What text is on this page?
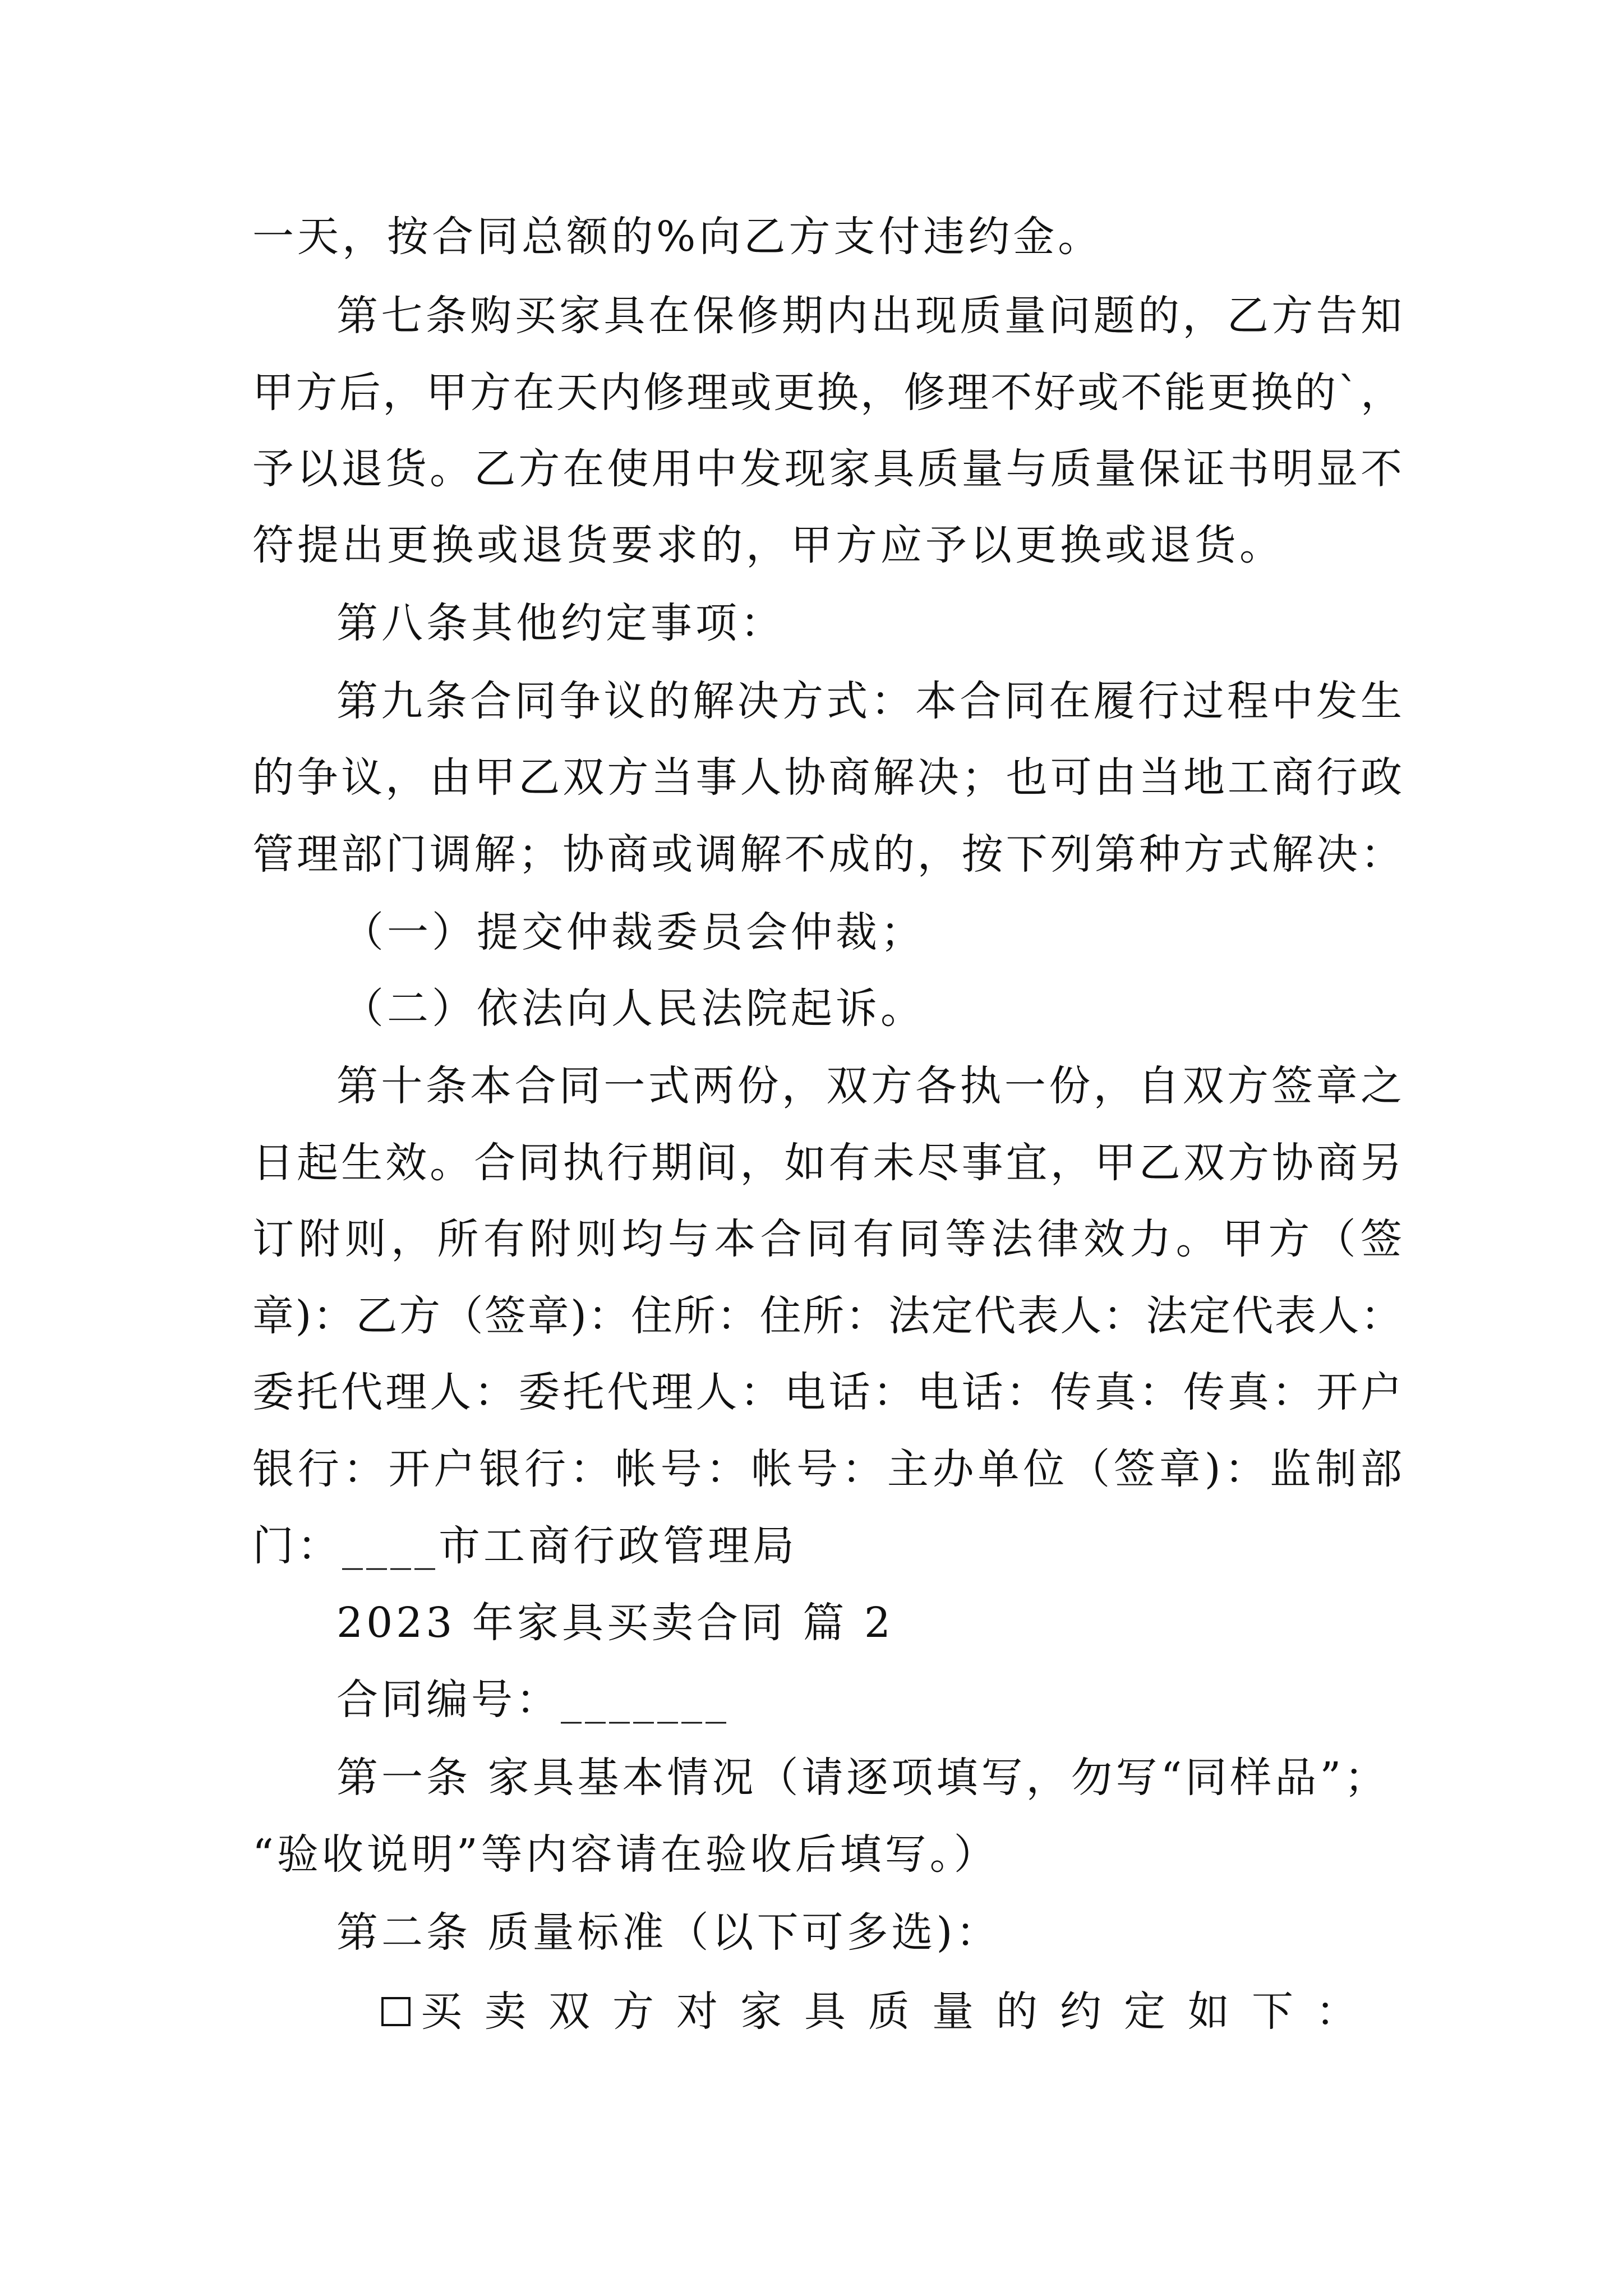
一天，按合同总额的%向乙方支付违约金。
第七条购买家具在保修期内出现质量问题的，乙方告知
甲方后，甲方在天内修理或更换，修理不好或不能更换的`，
予以退货。乙方在使用中发现家具质量与质量保证书明显不
符提出更换或退货要求的，甲方应予以更换或退货。
第八条其他约定事项：
第九条合同争议的解决方式：本合同在履行过程中发生
的争议，由甲乙双方当事人协商解决；也可由当地工商行政
管理部门调解；协商或调解不成的，按下列第种方式解决：
（一）提交仲裁委员会仲裁；
（二）依法向人民法院起诉。
第十条本合同一式两份，双方各执一份，自双方签章之
日起生效。合同执行期间，如有未尽事宜，甲乙双方协商另
订附则，所有附则均与本合同有同等法律效力。甲方（签
章)：乙方（签章)：住所：住所：法定代表人：法定代表人：
委托代理人：委托代理人：电话：电话：传真：传真：开户
银行：开户银行：帐号：帐号：主办单位（签章)：监制部
门：____市工商行政管理局
2023 年家具买卖合同 篇 2
合同编号：_______
第一条 家具基本情况（请逐项填写，勿写“同样品”；
“验收说明”等内容请在验收后填写。）
第二条 质量标准（以下可多选)：
买卖双方对家具质量的约定如下：
